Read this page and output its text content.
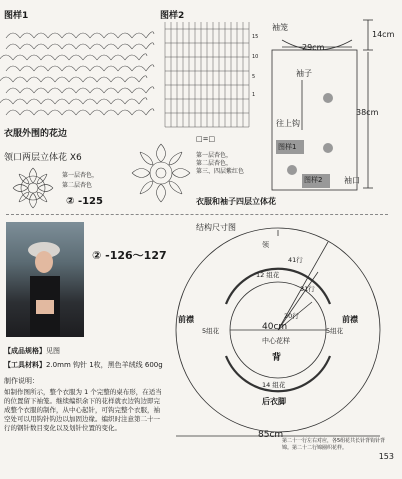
图样1
衣服外围的花边
图样2
1
5
10
15
□=□
袖笼
29cm
14cm
袖子
往上钩
图样1
图样2
38cm
袖口
领口两层立体花 X6
第一层杏色，
第二层杏色
② -125
第一层杏色，
第二层杏色，
第三、四层紫红色
衣服和袖子四层立体花
② -126～127
【成品规格】见图
【工具材料】2.0mm 钩针 1枚，黑色羊绒线 600g
制作说明：
如制作图所示，整个衣服为 1 个完整的桌布形，在适当的位置留下袖笼。继续编织余下的花样就衣边钩边即完成整个衣服的制作，从中心起针，可钩完整个衣服，袖空处可以用钩针钩边以加固边缘。编织时注意第二十一行的钢针数目变化以及划针位置的变化。
结构尺寸图
领
41行
12 组花
31行
20行
前襟	前襟
5组花	5组花
40cm
中心花样
背
14 组花
后衣脚
85cm
第二十一行左右对应，各5组花共长针背钩针背锦。第二十二行锦圈织花样。
153
